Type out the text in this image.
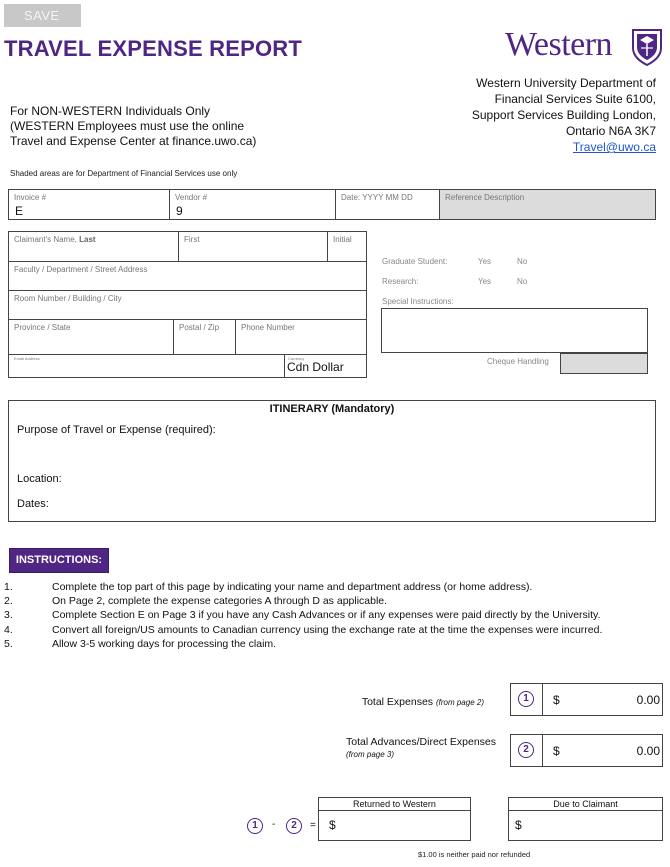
SAVE
TRAVEL EXPENSE REPORT	Western
Western University Department of
Financial Services Suite 6100,
Support Services Building London,
Ontario N6A 3K7
Travel@uwo.ca
For NON-WESTERN Individuals Only
(WESTERN Employees must use the online
Travel and Expense Center at finance.uwo.ca)
Shaded areas are for Department of Financial Services use only
Invoice #
E
Vendor #
9
Date: YYYY MM DD	Reference Description
Claimant's Name, Last	First	Initial
Faculty / Department / Street Address
Room Number / Building / City
Province / State	Postal / Zip	Phone Number
Email Address	Currency
Cdn Dollar
Graduate Student:	Yes	No
Research:	Yes	No
Special Instructions:
Cheque Handling
ITINERARY (Mandatory)
Purpose of Travel or Expense (required):
Location:
Dates:
INSTRUCTIONS:
1.	Complete the top part of this page by indicating your name and department address (or home address).
2.	On Page 2, complete the expense categories A through D as applicable.
3.	Complete Section E on Page 3 if you have any Cash Advances or if any expenses were paid directly by the University.
4.	Convert all foreign/US amounts to Canadian currency using the exchange rate at the time the expenses were incurred.
5.	Allow 3-5 working days for processing the claim.
Total Expenses (from page 2)	1	$	0.00
Total Advances/Direct Expenses
(from page 3)	2	$	0.00
1	-	2	=
Returned to Western
$
Due to Claimant
$
$1.00 is neither paid nor refunded
